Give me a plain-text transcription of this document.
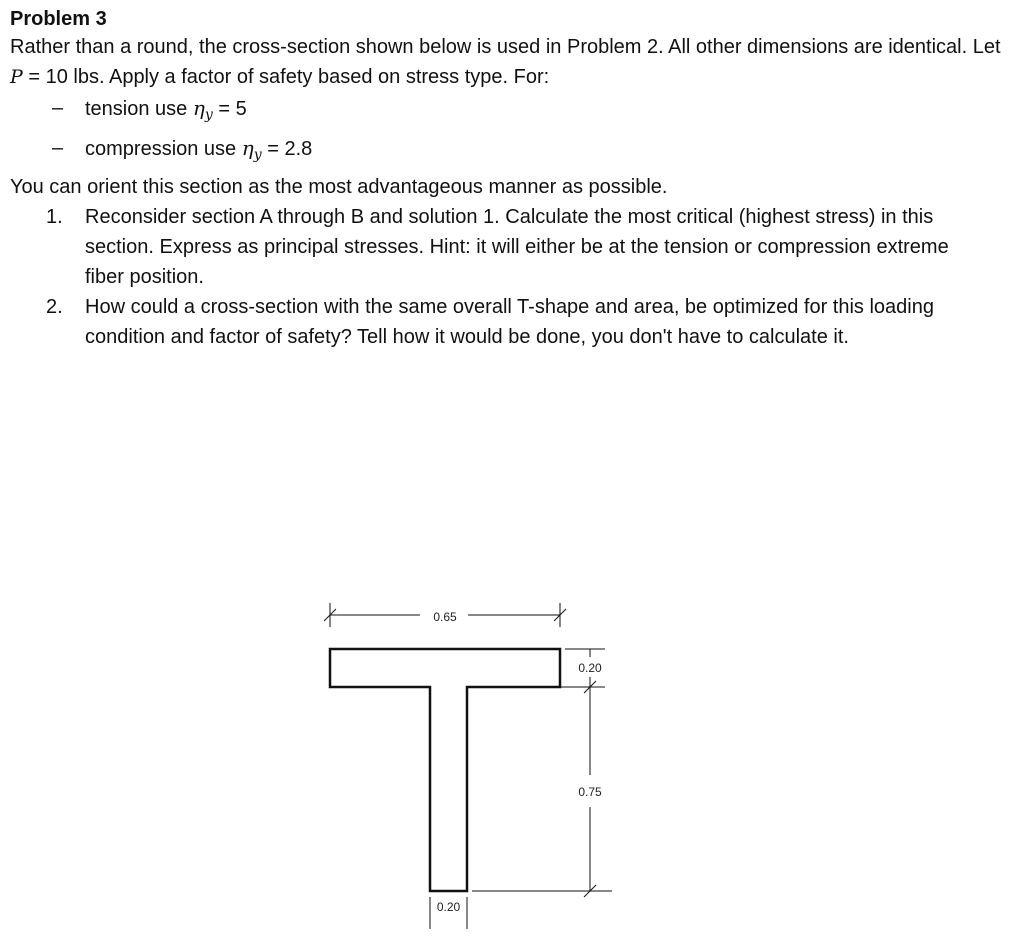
Problem 3

Rather than a round, the cross-section shown below is used in Problem 2. All other dimensions are identical. Let P = 10 lbs. Apply a factor of safety based on stress type. For:

– tension use $\eta_y = 5$
– compression use $\eta_y = 2.8$

You can orient this section as the most advantageous manner as possible.

1. Reconsider section A through B and solution 1. Calculate the most critical (highest stress) in this section. Express as principal stresses. Hint: it will either be at the tension or compression extreme fiber position.
2. How could a cross-section with the same overall T-shape and area, be optimized for this loading condition and factor of safety? Tell how it would be done, you don't have to calculate it.
0.65
0.20
0.75
0.20
